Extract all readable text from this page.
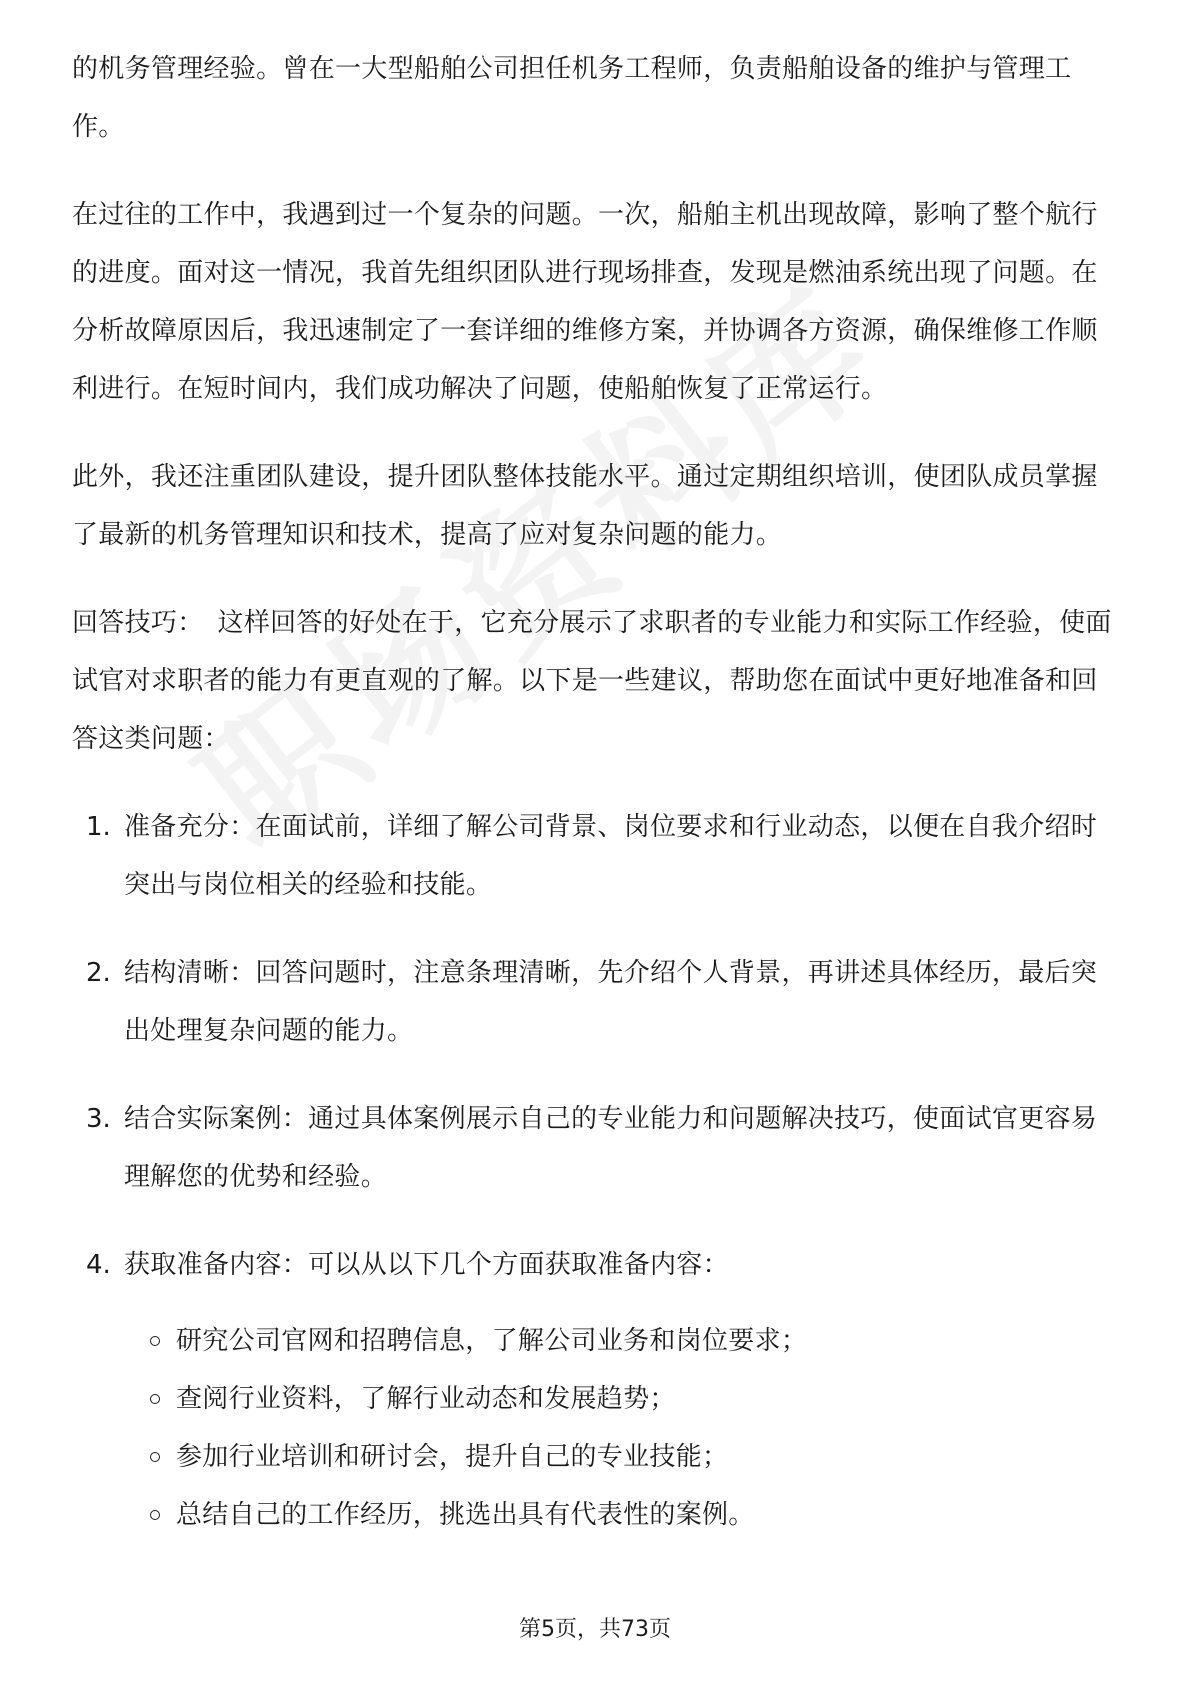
的机务管理经验。曾在一大型船舶公司担任机务工程师，负责船舶设备的维护与管理工作。

在过往的工作中，我遇到过一个复杂的问题。一次，船舶主机出现故障，影响了整个航行的进度。面对这一情况，我首先组织团队进行现场排查，发现是燃油系统出现了问题。在分析故障原因后，我迅速制定了一套详细的维修方案，并协调各方资源，确保维修工作顺利进行。在短时间内，我们成功解决了问题，使船舶恢复了正常运行。

此外，我还注重团队建设，提升团队整体技能水平。通过定期组织培训，使团队成员掌握了最新的机务管理知识和技术，提高了应对复杂问题的能力。

回答技巧： 这样回答的好处在于，它充分展示了求职者的专业能力和实际工作经验，使面试官对求职者的能力有更直观的了解。以下是一些建议，帮助您在面试中更好地准备和回答这类问题：

1. 准备充分：在面试前，详细了解公司背景、岗位要求和行业动态，以便在自我介绍时突出与岗位相关的经验和技能。

2. 结构清晰：回答问题时，注意条理清晰，先介绍个人背景，再讲述具体经历，最后突出处理复杂问题的能力。

3. 结合实际案例：通过具体案例展示自己的专业能力和问题解决技巧，使面试官更容易理解您的优势和经验。

4. 获取准备内容：可以从以下几个方面获取准备内容：

研究公司官网和招聘信息，了解公司业务和岗位要求；

查阅行业资料，了解行业动态和发展趋势；

参加行业培训和研讨会，提升自己的专业技能；

总结自己的工作经历，挑选出具有代表性的案例。

第5页，共73页
